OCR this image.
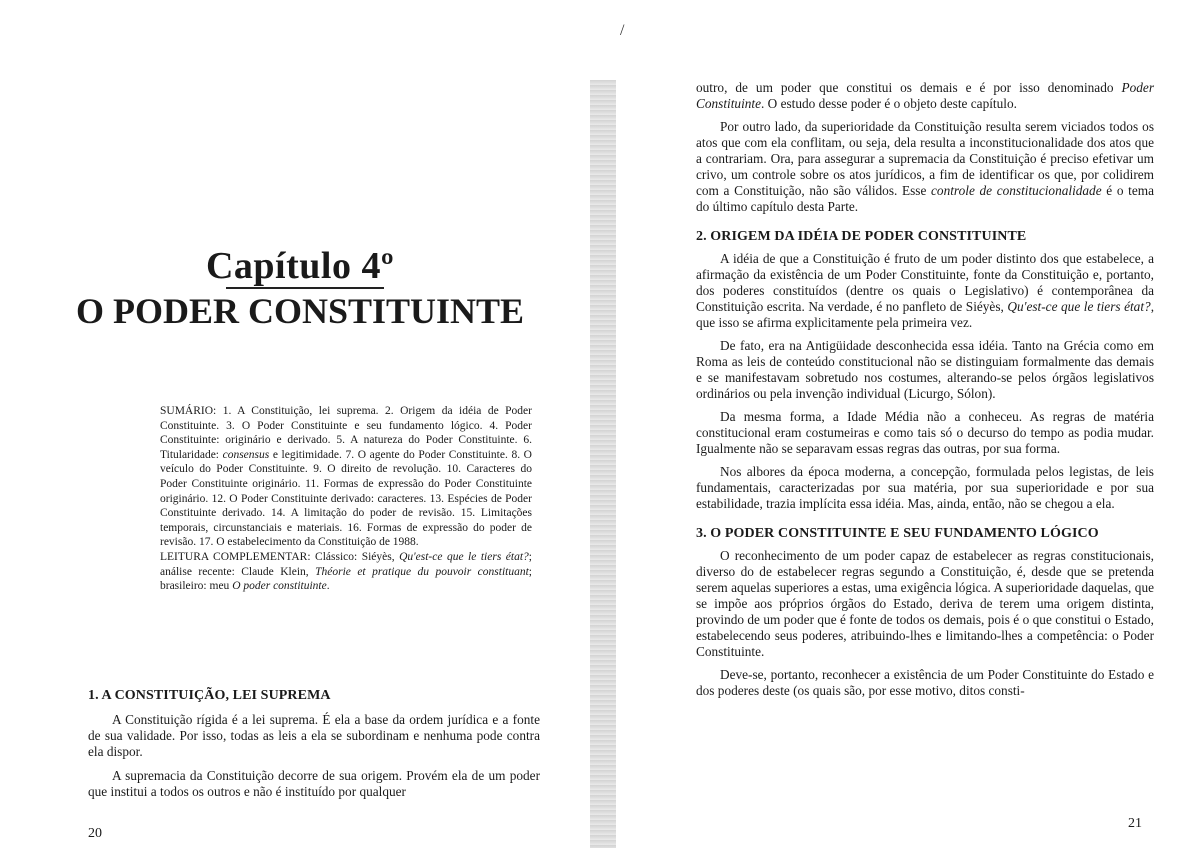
/
Capítulo 4º
O PODER CONSTITUINTE

SUMÁRIO: 1. A Constituição, lei suprema. 2. Origem da idéia de Poder Constituinte. 3. O Poder Constituinte e seu fundamento lógico. 4. Poder Constituinte: originário e derivado. 5. A natureza do Poder Constituinte. 6. Titularidade: consensus e legitimidade. 7. O agente do Poder Constituinte. 8. O veículo do Poder Constituinte. 9. O direito de revolução. 10. Caracteres do Poder Constituinte originário. 11. Formas de expressão do Poder Constituinte originário. 12. O Poder Constituinte derivado: caracteres. 13. Espécies de Poder Constituinte derivado. 14. A limitação do poder de revisão. 15. Limitações temporais, circunstanciais e materiais. 16. Formas de expressão do poder de revisão. 17. O estabelecimento da Constituição de 1988.

LEITURA COMPLEMENTAR: Clássico: Siéyès, Qu'est-ce que le tiers état?; análise recente: Claude Klein, Théorie et pratique du pouvoir constituant; brasileiro: meu O poder constituinte.

1. A CONSTITUIÇÃO, LEI SUPREMA

A Constituição rígida é a lei suprema. É ela a base da ordem jurídica e a fonte de sua validade. Por isso, todas as leis a ela se subordinam e nenhuma pode contra ela dispor.

A supremacia da Constituição decorre de sua origem. Provém ela de um poder que institui a todos os outros e não é instituído por qualquer

20

outro, de um poder que constitui os demais e é por isso denominado Poder Constituinte. O estudo desse poder é o objeto deste capítulo.

Por outro lado, da superioridade da Constituição resulta serem viciados todos os atos que com ela conflitam, ou seja, dela resulta a inconstitucionalidade dos atos que a contrariam. Ora, para assegurar a supremacia da Constituição é preciso efetivar um crivo, um controle sobre os atos jurídicos, a fim de identificar os que, por colidirem com a Constituição, não são válidos. Esse controle de constitucionalidade é o tema do último capítulo desta Parte.

2. ORIGEM DA IDÉIA DE PODER CONSTITUINTE

A idéia de que a Constituição é fruto de um poder distinto dos que estabelece, a afirmação da existência de um Poder Constituinte, fonte da Constituição e, portanto, dos poderes constituídos (dentre os quais o Legislativo) é contemporânea da Constituição escrita. Na verdade, é no panfleto de Siéyès, Qu'est-ce que le tiers état?, que isso se afirma explicitamente pela primeira vez.

De fato, era na Antigüidade desconhecida essa idéia. Tanto na Grécia como em Roma as leis de conteúdo constitucional não se distinguiam formalmente das demais e se manifestavam sobretudo nos costumes, alterando-se pelos órgãos legislativos ordinários ou pela invenção individual (Licurgo, Sólon).

Da mesma forma, a Idade Média não a conheceu. As regras de matéria constitucional eram costumeiras e como tais só o decurso do tempo as podia mudar. Igualmente não se separavam essas regras das outras, por sua forma.

Nos albores da época moderna, a concepção, formulada pelos legistas, de leis fundamentais, caracterizadas por sua matéria, por sua superioridade e por sua estabilidade, trazia implícita essa idéia. Mas, ainda, então, não se chegou a ela.

3. O PODER CONSTITUINTE E SEU FUNDAMENTO LÓGICO

O reconhecimento de um poder capaz de estabelecer as regras constitucionais, diverso do de estabelecer regras segundo a Constituição, é, desde que se pretenda serem aquelas superiores a estas, uma exigência lógica. A superioridade daquelas, que se impõe aos próprios órgãos do Estado, deriva de terem uma origem distinta, provindo de um poder que é fonte de todos os demais, pois é o que constitui o Estado, estabelecendo seus poderes, atribuindo-lhes e limitando-lhes a competência: o Poder Constituinte.

Deve-se, portanto, reconhecer a existência de um Poder Constituinte do Estado e dos poderes deste (os quais são, por esse motivo, ditos consti-

21
